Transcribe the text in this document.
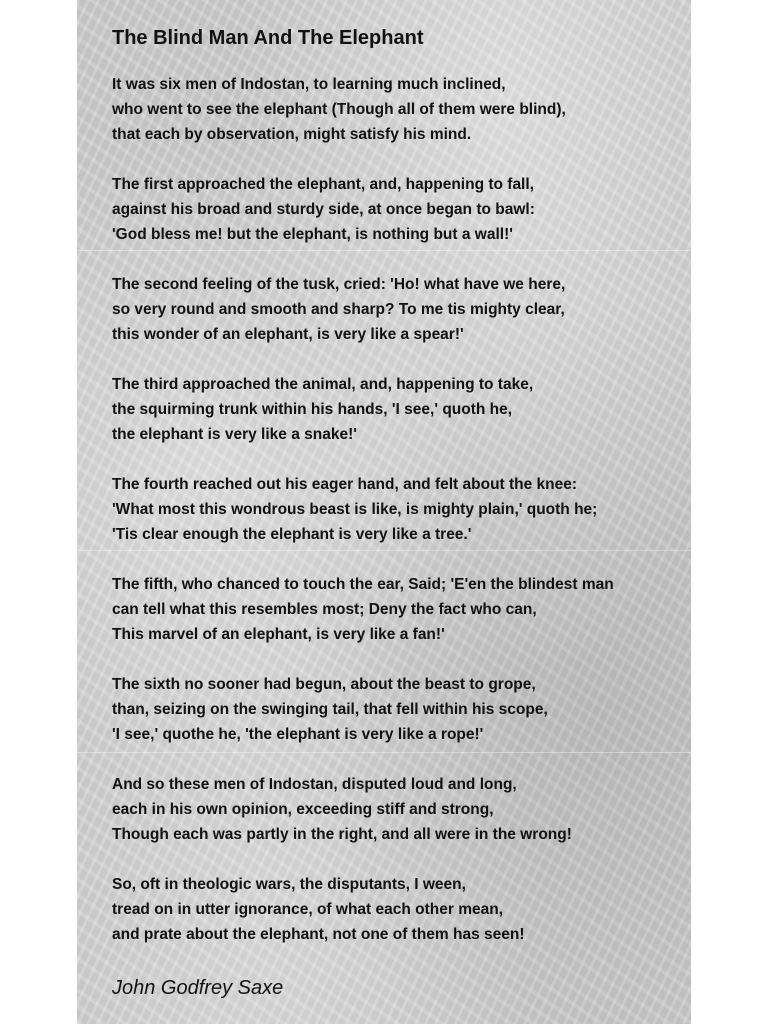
The Blind Man And The Elephant

It was six men of Indostan, to learning much inclined,
who went to see the elephant (Though all of them were blind),
that each by observation, might satisfy his mind.

The first approached the elephant, and, happening to fall,
against his broad and sturdy side, at once began to bawl:
'God bless me! but the elephant, is nothing but a wall!'

The second feeling of the tusk, cried: 'Ho! what have we here,
so very round and smooth and sharp? To me tis mighty clear,
this wonder of an elephant, is very like a spear!'

The third approached the animal, and, happening to take,
the squirming trunk within his hands, 'I see,' quoth he,
the elephant is very like a snake!'

The fourth reached out his eager hand, and felt about the knee:
'What most this wondrous beast is like, is mighty plain,' quoth he;
'Tis clear enough the elephant is very like a tree.'

The fifth, who chanced to touch the ear, Said; 'E'en the blindest man
can tell what this resembles most; Deny the fact who can,
This marvel of an elephant, is very like a fan!'

The sixth no sooner had begun, about the beast to grope,
than, seizing on the swinging tail, that fell within his scope,
'I see,' quothe he, 'the elephant is very like a rope!'

And so these men of Indostan, disputed loud and long,
each in his own opinion, exceeding stiff and strong,
Though each was partly in the right, and all were in the wrong!

So, oft in theologic wars, the disputants, I ween,
tread on in utter ignorance, of what each other mean,
and prate about the elephant, not one of them has seen!

John Godfrey Saxe
